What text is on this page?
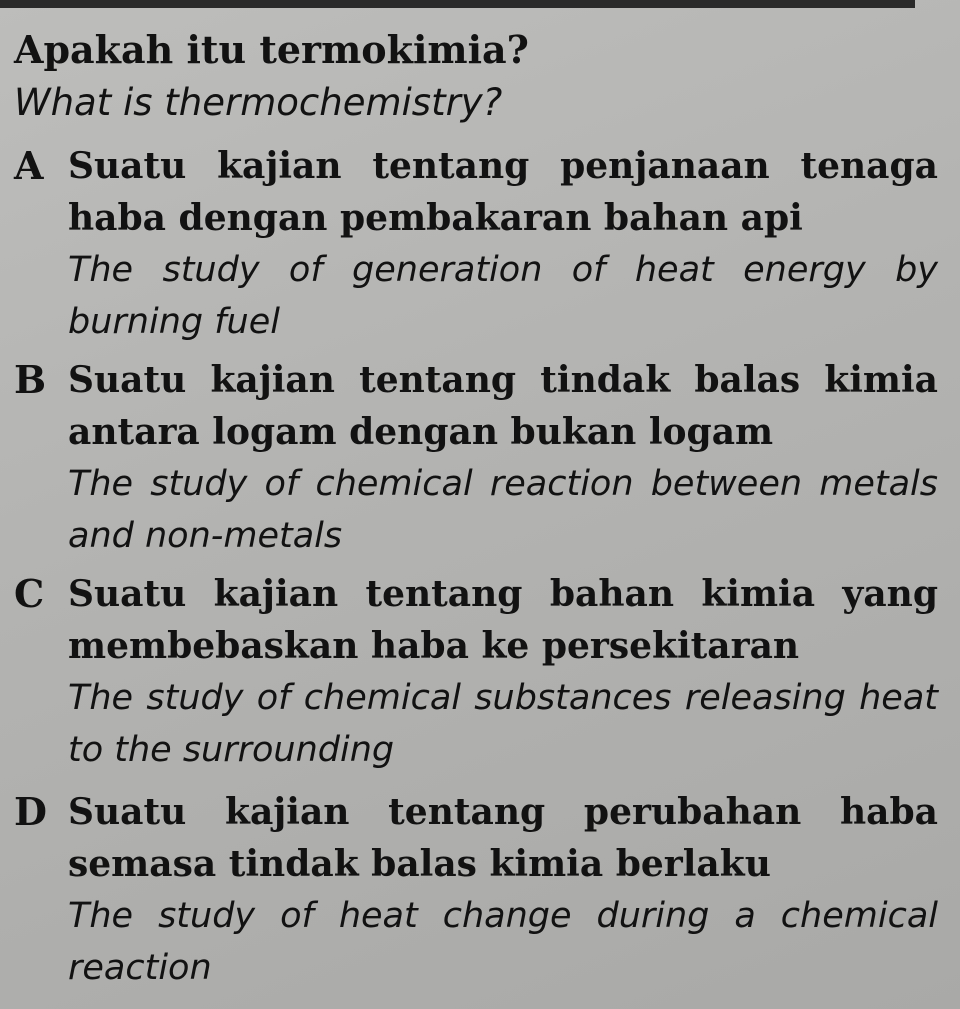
Apakah itu termokimia?

What is thermochemistry?

A Suatu kajian tentang penjanaan tenaga haba dengan pembakaran bahan api

The study of generation of heat energy by burning fuel

B Suatu kajian tentang tindak balas kimia antara logam dengan bukan logam

The study of chemical reaction between metals and non-metals

C Suatu kajian tentang bahan kimia yang membebaskan haba ke persekitaran

The study of chemical substances releasing heat to the surrounding

D Suatu kajian tentang perubahan haba semasa tindak balas kimia berlaku

The study of heat change during a chemical reaction
